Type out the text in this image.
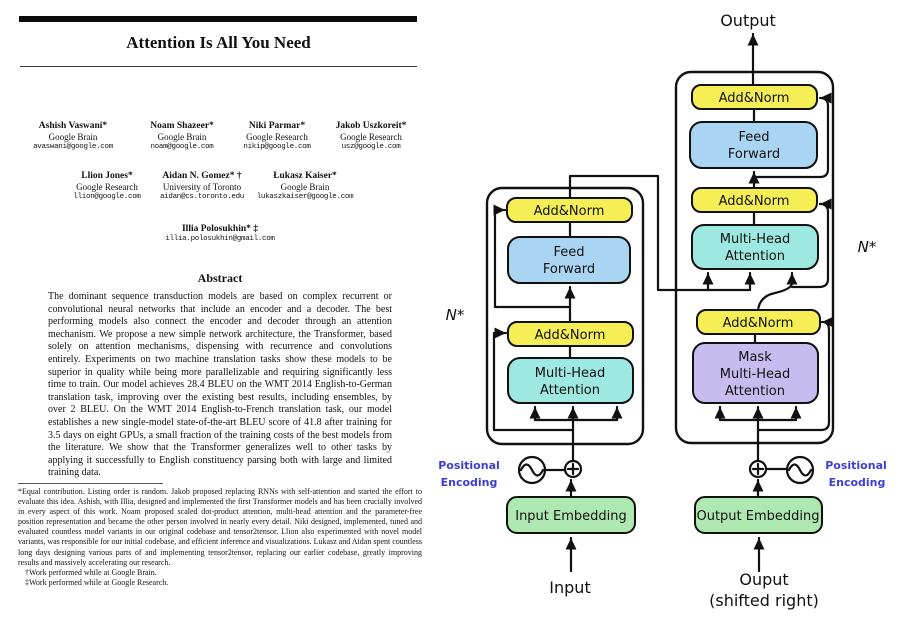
Attention Is All You Need
Ashish Vaswani*
Google Brain
avaswani@google.com
Noam Shazeer*
Google Brain
noam@google.com
Niki Parmar*
Google Research
nikip@google.com
Jakob Uszkoreit*
Google Research
usz@google.com
Llion Jones*
Google Research
llion@google.com
Aidan N. Gomez* †
University of Toronto
aidan@cs.toronto.edu
Łukasz Kaiser*
Google Brain
lukaszkaiser@google.com
Illia Polosukhin* ‡
illia.polosukhin@gmail.com
Abstract
The dominant sequence transduction models are based on complex recurrent or convolutional neural networks that include an encoder and a decoder. The best performing models also connect the encoder and decoder through an attention mechanism. We propose a new simple network architecture, the Transformer, based solely on attention mechanisms, dispensing with recurrence and convolutions entirely. Experiments on two machine translation tasks show these models to be superior in quality while being more parallelizable and requiring significantly less time to train. Our model achieves 28.4 BLEU on the WMT 2014 English-to-German translation task, improving over the existing best results, including ensembles, by over 2 BLEU. On the WMT 2014 English-to-French translation task, our model establishes a new single-model state-of-the-art BLEU score of 41.8 after training for 3.5 days on eight GPUs, a small fraction of the training costs of the best models from the literature. We show that the Transformer generalizes well to other tasks by applying it successfully to English constituency parsing both with large and limited training data.

*Equal contribution. Listing order is random. Jakob proposed replacing RNNs with self-attention and started the effort to evaluate this idea. Ashish, with Illia, designed and implemented the first Transformer models and has been crucially involved in every aspect of this work. Noam proposed scaled dot-product attention, multi-head attention and the parameter-free position representation and became the other person involved in nearly every detail. Niki designed, implemented, tuned and evaluated countless model variants in our original codebase and tensor2tensor. Llion also experimented with novel model variants, was responsible for our initial codebase, and efficient inference and visualizations. Lukasz and Aidan spent countless long days designing various parts of and implementing tensor2tensor, replacing our earlier codebase, greatly improving results and massively accelerating our research.

†Work performed while at Google Brain.

‡Work performed while at Google Research.

Add&Norm
Feed
Forward
Add&Norm
Multi-Head
Attention
Add&Norm
Feed
Forward
Add&Norm
Multi-Head
Attention
Add&Norm
Mask
Multi-Head
Attention
Input Embedding	Output Embedding
Output
Input	Ouput
(shifted right)
N*
N*
Positional
Encoding
Positional
Encoding
